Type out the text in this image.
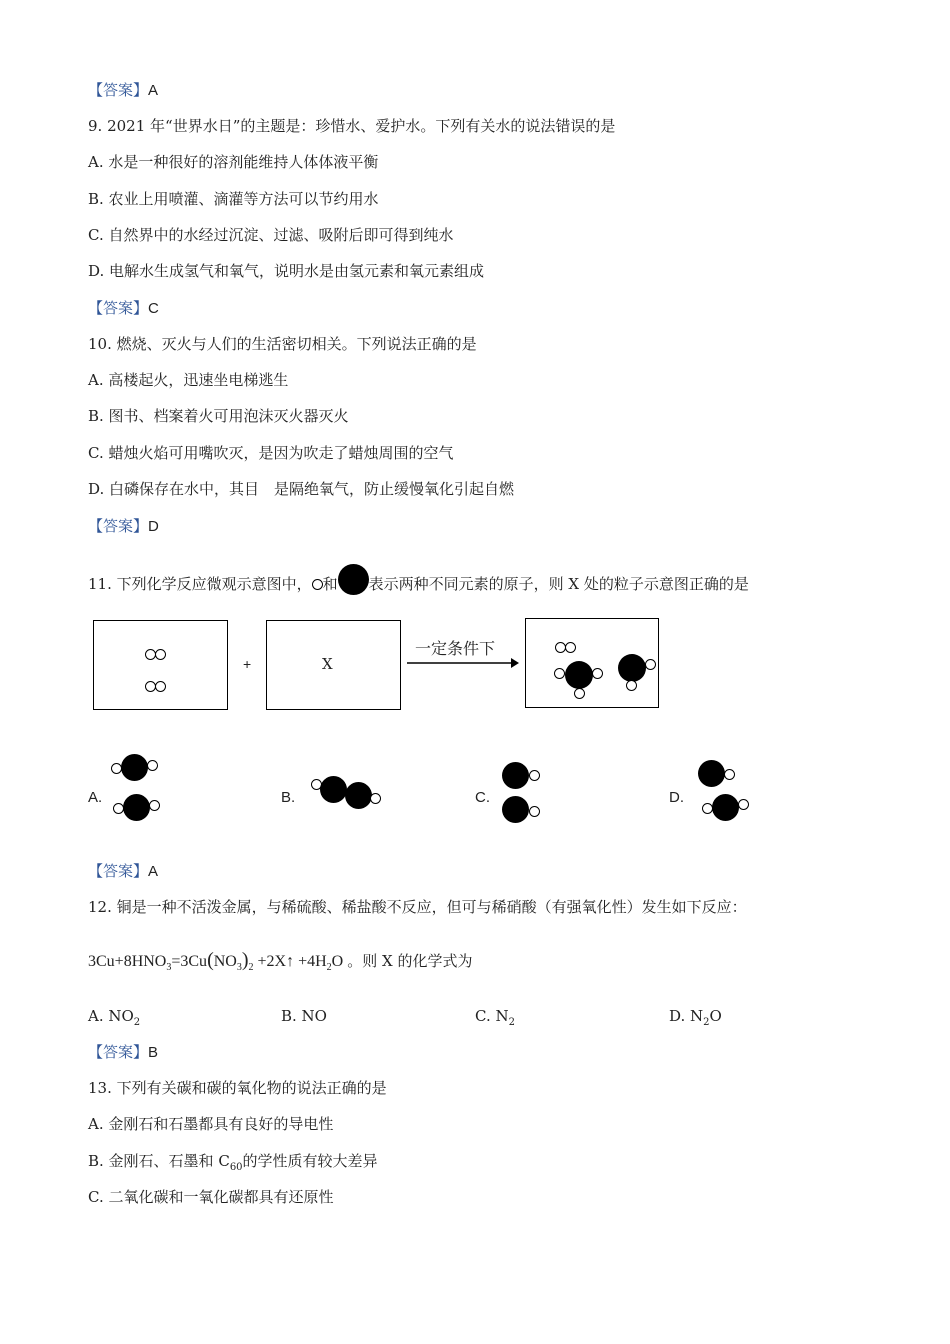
【答案】A
9. 2021 年“世界水日”的主题是：珍惜水、爱护水。下列有关水的说法错误的是
A. 水是一种很好的溶剂能维持人体体液平衡
B. 农业上用喷灌、滴灌等方法可以节约用水
C. 自然界中的水经过沉淀、过滤、吸附后即可得到纯水
D. 电解水生成氢气和氧气，说明水是由氢元素和氧元素组成
【答案】C
10. 燃烧、灭火与人们的生活密切相关。下列说法正确的是
A. 高楼起火，迅速坐电梯逃生
B. 图书、档案着火可用泡沫灭火器灭火
C. 蜡烛火焰可用嘴吹灭，是因为吹走了蜡烛周围的空气
D. 白磷保存在水中，其目　是隔绝氧气，防止缓慢氧化引起自燃
【答案】D
11. 下列化学反应微观示意图中， 和 表示两种不同元素的原子，则 X 处的粒子示意图正确的是
+	X
一定条件下
A.	B.	C.	D.
【答案】A
12. 铜是一种不活泼金属，与稀硫酸、稀盐酸不反应，但可与稀硝酸（有强氧化性）发生如下反应：
$3Cu+8HNO_3=3Cu(NO_3)_2$ +2X↑ $+4H_2O$ 。则 X 的化学式为
A. $NO_2$	B. NO	C. $N_2$	D. $N_2O$
【答案】B
13. 下列有关碳和碳的氧化物的说法正确的是
A. 金刚石和石墨都具有良好的导电性
B. 金刚石、石墨和 $C_{60}$的学性质有较大差异
C. 二氧化碳和一氧化碳都具有还原性
